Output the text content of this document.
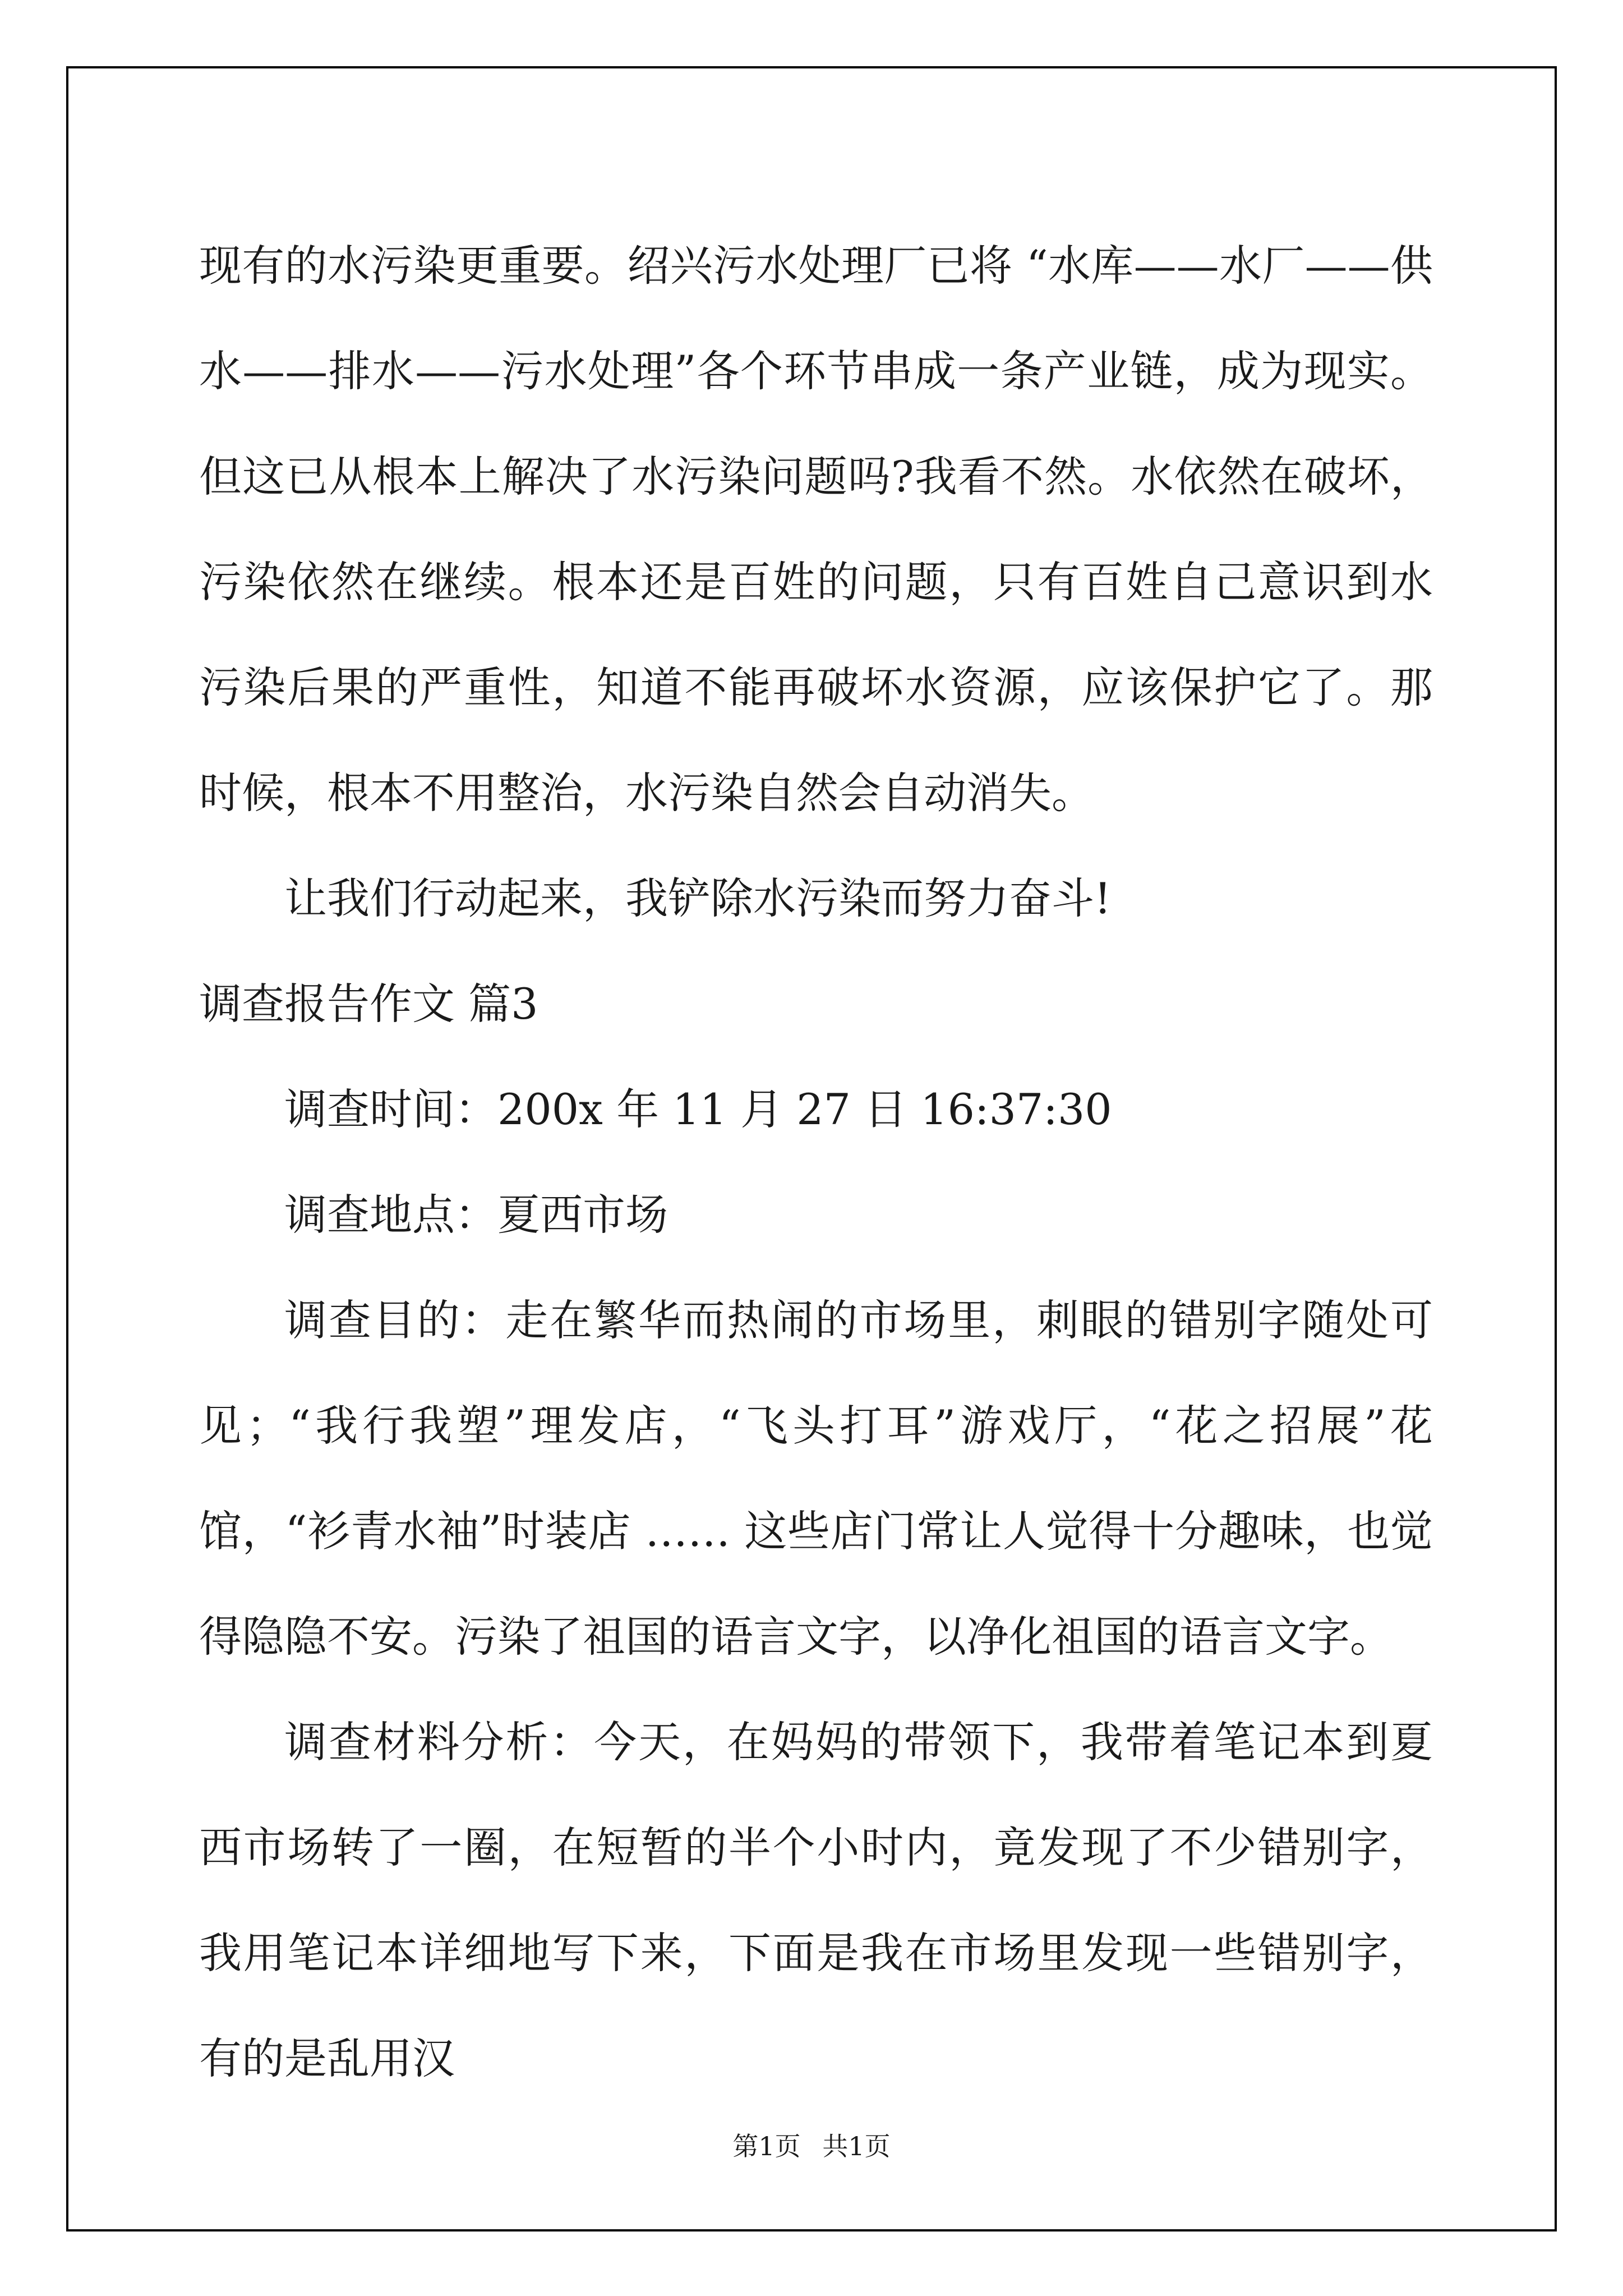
现有的水污染更重要。绍兴污水处理厂已将 “水库——水厂——供水——排水——污水处理”各个环节串成一条产业链，成为现实。但这已从根本上解决了水污染问题吗?我看不然。水依然在破坏，污染依然在继续。根本还是百姓的问题，只有百姓自己意识到水污染后果的严重性，知道不能再破坏水资源，应该保护它了。那时候，根本不用整治，水污染自然会自动消失。

让我们行动起来，我铲除水污染而努力奋斗!

调查报告作文 篇3

调查时间：200x 年 11 月 27 日 16:37:30

调查地点：夏西市场

调查目的：走在繁华而热闹的市场里，刺眼的错别字随处可见；“我行我塑”理发店，“飞头打耳”游戏厅，“花之招展”花馆，“衫青水袖”时装店 …… 这些店门常让人觉得十分趣味，也觉得隐隐不安。污染了祖国的语言文字，以净化祖国的语言文字。

调查材料分析：今天，在妈妈的带领下，我带着笔记本到夏西市场转了一圈，在短暂的半个小时内，竟发现了不少错别字，我用笔记本详细地写下来，下面是我在市场里发现一些错别字，有的是乱用汉

第1页 共1页
